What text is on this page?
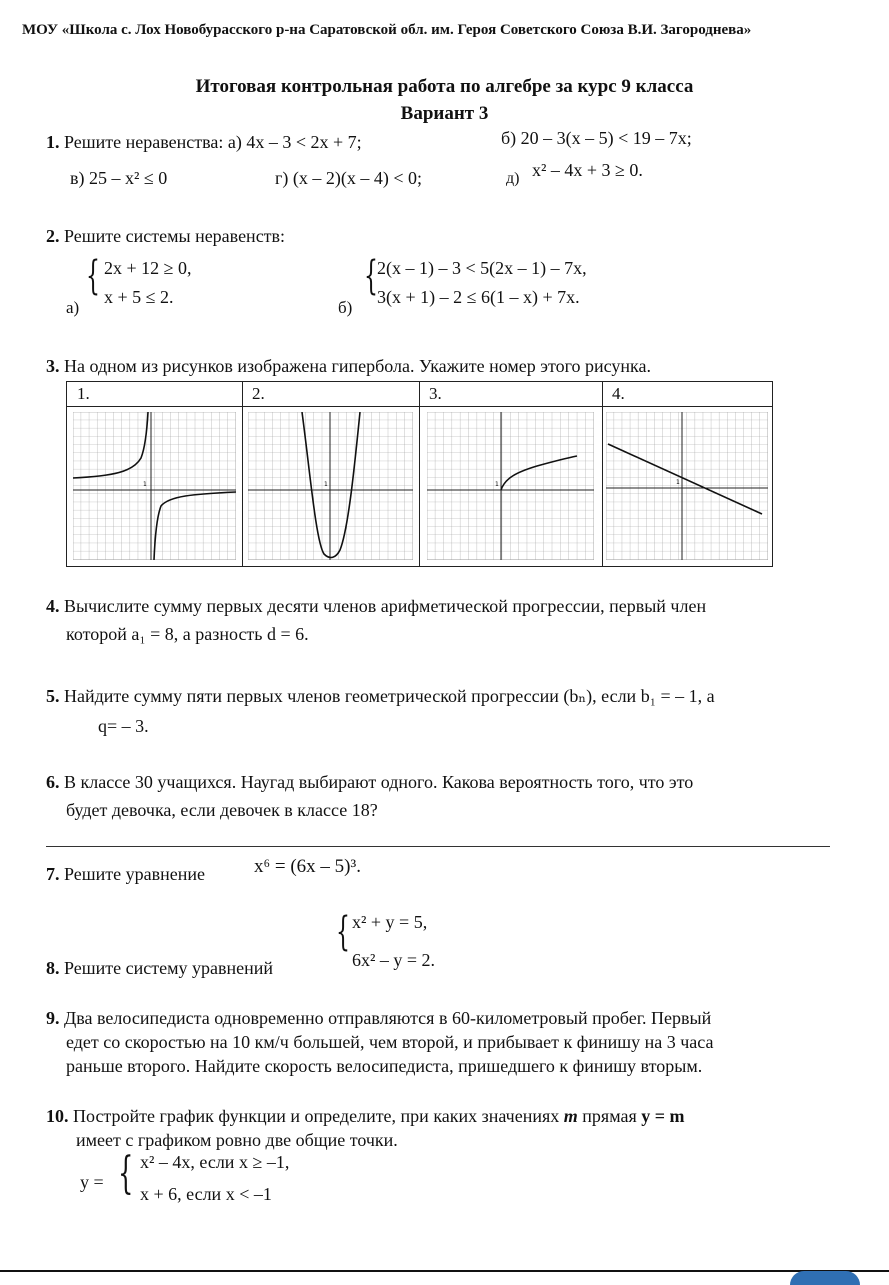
МОУ «Школа с. Лох Новобурасского р-на Саратовской обл. им. Героя Советского Союза В.И. Загороднева»
Итоговая контрольная работа по алгебре за курс 9 класса
Вариант 3
1. Решите неравенства: а) 4x – 3 < 2x + 7;	б) 20 – 3(x – 5) < 19 – 7x;
в) 25 – x² ≤ 0	г) (x – 2)(x – 4) < 0;	д) x² – 4x + 3 ≥ 0.
2. Решите системы неравенств:
{ 2x + 12 ≥ 0,
x + 5 ≤ 2.
а)
{ 2(x – 1) – 3 < 5(2x – 1) – 7x,
3(x + 1) – 2 ≤ 6(1 – x) + 7x.
б)
3. На одном из рисунков изображена гипербола. Укажите номер этого рисунка.
1.
1
2.
1
3.
1
4.
1
4. Вычислите сумму первых десяти членов арифметической прогрессии, первый член
которой a₁ = 8, а разность d = 6.
5. Найдите сумму пяти первых членов геометрической прогрессии (bₙ), если b₁ = – 1, а
q= – 3.
6. В классе 30 учащихся. Наугад выбирают одного. Какова вероятность того, что это
будет девочка, если девочек в классе 18?
7. Решите уравнение	x⁶ = (6x – 5)³.
{ x² + y = 5,
6x² – y = 2.
8. Решите систему уравнений
9. Два велосипедиста одновременно отправляются в 60-километровый пробег. Первый
едет со скоростью на 10 км/ч большей, чем второй, и прибывает к финишу на 3 часа
раньше второго. Найдите скорость велосипедиста, пришедшего к финишу вторым.
10. Постройте график функции и определите, при каких значениях m прямая y = m
имеет с графиком ровно две общие точки.
y = { x² – 4x, если x ≥ –1,
x + 6, если x < –1
